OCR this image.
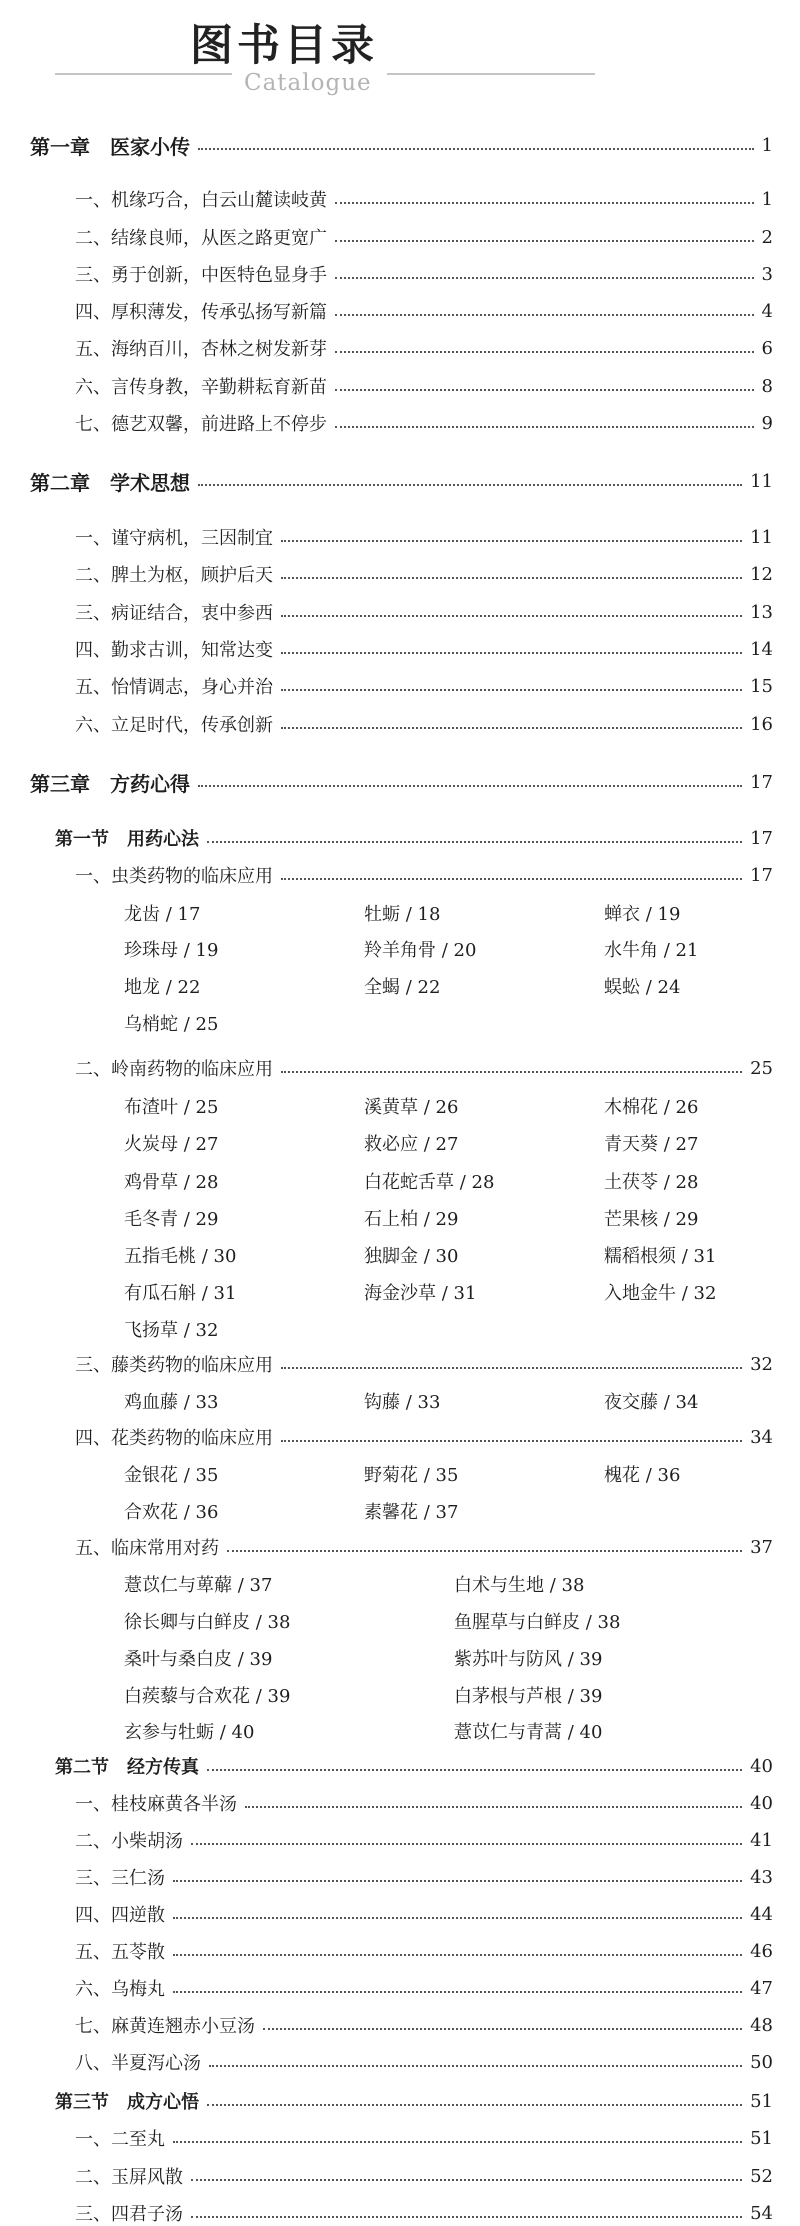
图书目录
Catalogue
第一章　医家小传	1
一、机缘巧合，白云山麓读岐黄	1
二、结缘良师，从医之路更宽广	2
三、勇于创新，中医特色显身手	3
四、厚积薄发，传承弘扬写新篇	4
五、海纳百川，杏林之树发新芽	6
六、言传身教，辛勤耕耘育新苗	8
七、德艺双馨，前进路上不停步	9
第二章　学术思想	11
一、谨守病机，三因制宜	11
二、脾土为枢，顾护后天	12
三、病证结合，衷中参西	13
四、勤求古训，知常达变	14
五、怡情调志，身心并治	15
六、立足时代，传承创新	16
第三章　方药心得	17
第一节　用药心法	17
一、虫类药物的临床应用	17
二、岭南药物的临床应用	25
三、藤类药物的临床应用	32
四、花类药物的临床应用	34
五、临床常用对药	37
第二节　经方传真	40
一、桂枝麻黄各半汤	40
二、小柴胡汤	41
三、三仁汤	43
四、四逆散	44
五、五苓散	46
六、乌梅丸	47
七、麻黄连翘赤小豆汤	48
八、半夏泻心汤	50
第三节　成方心悟	51
一、二至丸	51
二、玉屏风散	52
三、四君子汤	54
龙齿 / 17	牡蛎 / 18	蝉衣 / 19
珍珠母 / 19	羚羊角骨 / 20	水牛角 / 21
地龙 / 22	全蝎 / 22	蜈蚣 / 24
乌梢蛇 / 25
布渣叶 / 25	溪黄草 / 26	木棉花 / 26
火炭母 / 27	救必应 / 27	青天葵 / 27
鸡骨草 / 28	白花蛇舌草 / 28	土茯苓 / 28
毛冬青 / 29	石上柏 / 29	芒果核 / 29
五指毛桃 / 30	独脚金 / 30	糯稻根须 / 31
有瓜石斛 / 31	海金沙草 / 31	入地金牛 / 32
飞扬草 / 32
鸡血藤 / 33	钩藤 / 33	夜交藤 / 34
金银花 / 35	野菊花 / 35	槐花 / 36
合欢花 / 36	素馨花 / 37
薏苡仁与萆薢 / 37	白术与生地 / 38
徐长卿与白鲜皮 / 38	鱼腥草与白鲜皮 / 38
桑叶与桑白皮 / 39	紫苏叶与防风 / 39
白蒺藜与合欢花 / 39	白茅根与芦根 / 39
玄参与牡蛎 / 40	薏苡仁与青蒿 / 40
